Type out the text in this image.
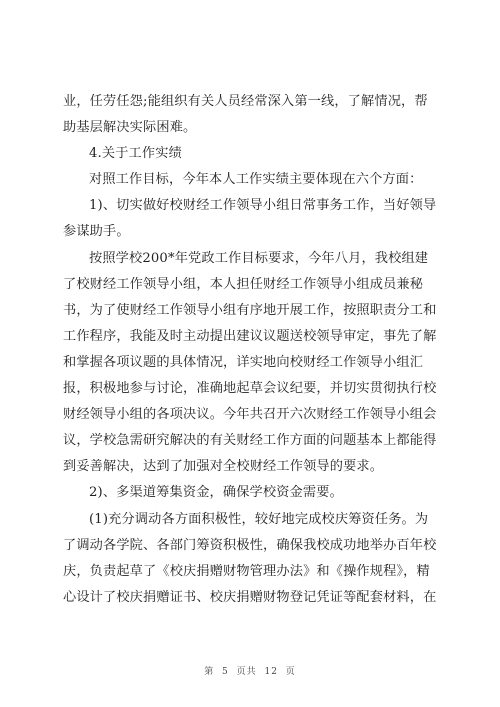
业，任劳任怨;能组织有关人员经常深入第一线，了解情况，帮
助基层解决实际困难。
4.关于工作实绩
对照工作目标，今年本人工作实绩主要体现在六个方面：
1)、切实做好校财经工作领导小组日常事务工作，当好领导
参谋助手。
按照学校200*年党政工作目标要求，今年八月，我校组建
了校财经工作领导小组，本人担任财经工作领导小组成员兼秘
书，为了使财经工作领导小组有序地开展工作，按照职责分工和
工作程序，我能及时主动提出建议议题送校领导审定，事先了解
和掌握各项议题的具体情况，详实地向校财经工作领导小组汇
报，积极地参与讨论，准确地起草会议纪要，并切实贯彻执行校
财经领导小组的各项决议。今年共召开六次财经工作领导小组会
议，学校急需研究解决的有关财经工作方面的问题基本上都能得
到妥善解决，达到了加强对全校财经工作领导的要求。
2)、多渠道筹集资金，确保学校资金需要。
(1)充分调动各方面积极性，较好地完成校庆筹资任务。为
了调动各学院、各部门筹资积极性，确保我校成功地举办百年校
庆，负责起草了《校庆捐赠财物管理办法》和《操作规程》，精
心设计了校庆捐赠证书、校庆捐赠财物登记凭证等配套材料，在
第 5 页共 12 页
